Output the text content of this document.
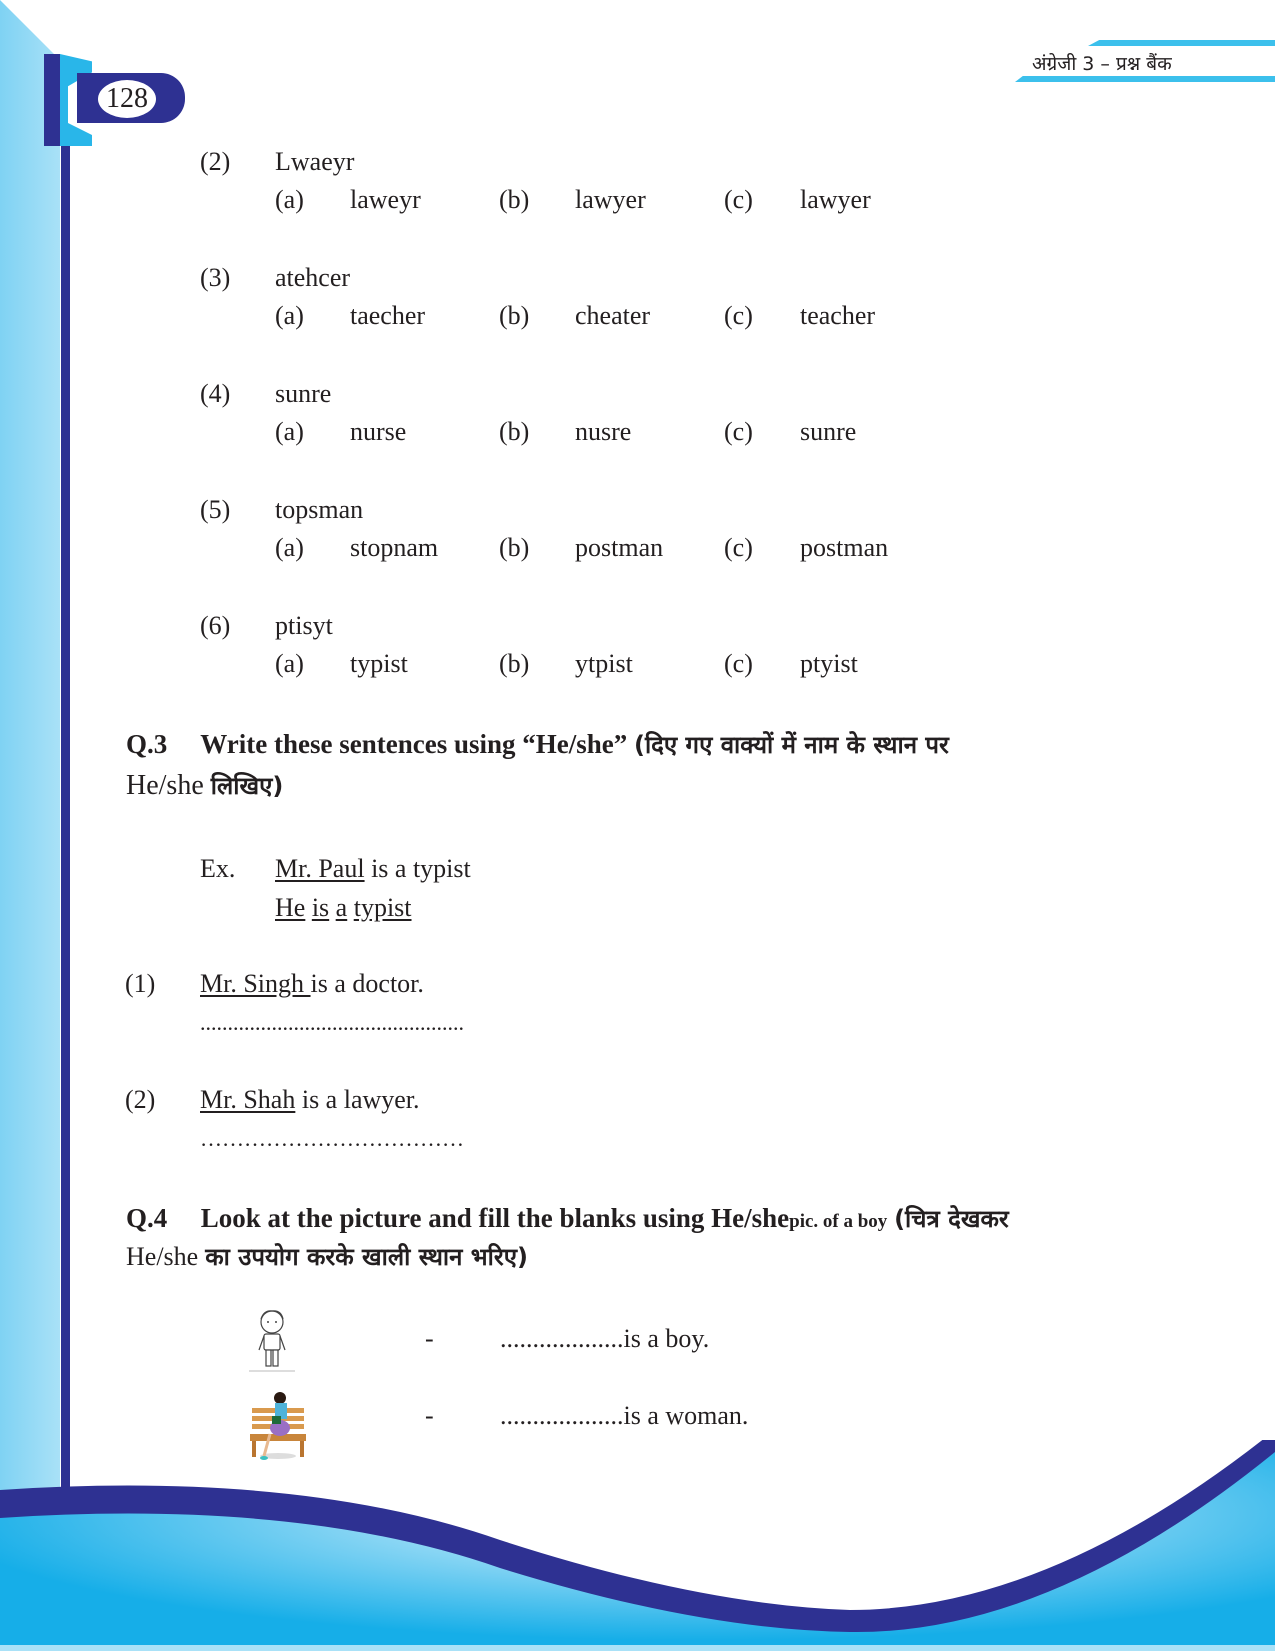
128
अंग्रेजी 3 – प्रश्न बैंक
(2) Lwaeyr
(a) laweyr	(b) lawyer	(c) lawyer
(3) atehcer
(a) taecher	(b) cheater	(c) teacher
(4) sunre
(a) nurse	(b) nusre	(c) sunre
(5) topsman
(a) stopnam (b) postman (c) postman
(6) ptisyt
(a) typist	(b) ytpist	(c) ptyist
Q.3 Write these sentences using “He/she” (दिए गए वाक्यों में नाम के स्थान पर
He/she लिखिए)
Ex. Mr. Paul is a typist
He is a typist
(1) Mr. Singh is a doctor.
................................................
(2) Mr. Shah is a lawyer.
………………………………
Q.4 Look at the picture and fill the blanks using He/shepic. of a boy (चित्र देखकर
He/she का उपयोग करके खाली स्थान भरिए)
-	...................is a boy.
-	...................is a woman.
